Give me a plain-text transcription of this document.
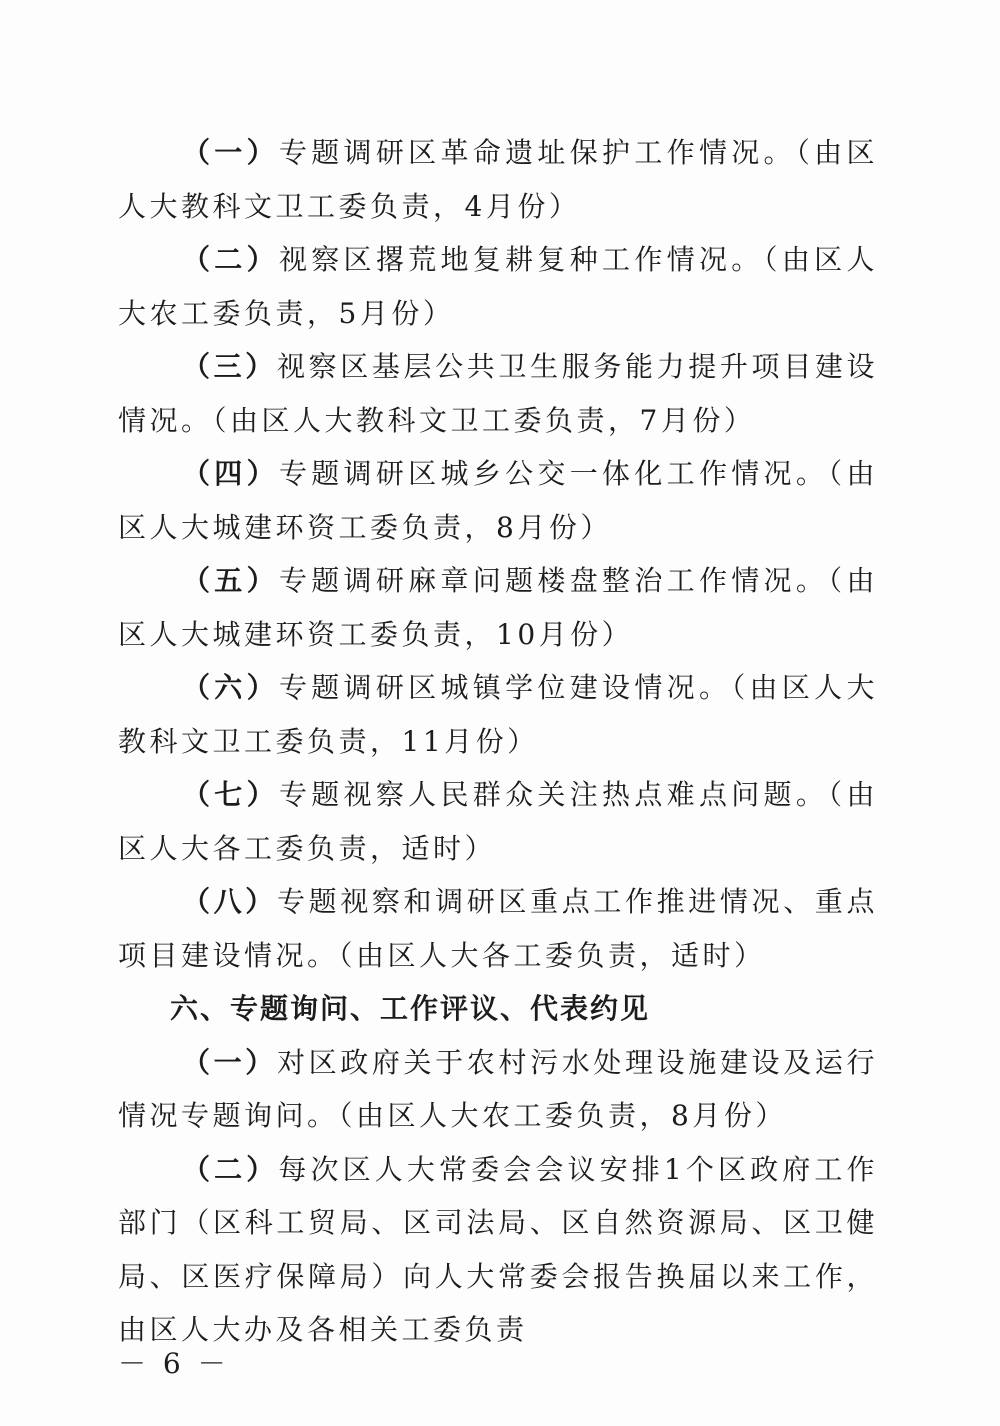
（一）专题调研区革命遗址保护工作情况。（由区人大教科文卫工委负责，4月份）

（二）视察区撂荒地复耕复种工作情况。（由区人大农工委负责，5月份）

（三）视察区基层公共卫生服务能力提升项目建设情况。（由区人大教科文卫工委负责，7月份）

（四）专题调研区城乡公交一体化工作情况。（由区人大城建环资工委负责，8月份）

（五）专题调研麻章问题楼盘整治工作情况。（由区人大城建环资工委负责，10月份）

（六）专题调研区城镇学位建设情况。（由区人大教科文卫工委负责，11月份）

（七）专题视察人民群众关注热点难点问题。（由区人大各工委负责，适时）

（八）专题视察和调研区重点工作推进情况、重点项目建设情况。（由区人大各工委负责，适时）

六、专题询问、工作评议、代表约见

（一）对区政府关于农村污水处理设施建设及运行情况专题询问。（由区人大农工委负责，8月份）

（二）每次区人大常委会会议安排1个区政府工作部门（区科工贸局、区司法局、区自然资源局、区卫健局、区医疗保障局）向人大常委会报告换届以来工作，由区人大办及各相关工委负责

－ 6 －
